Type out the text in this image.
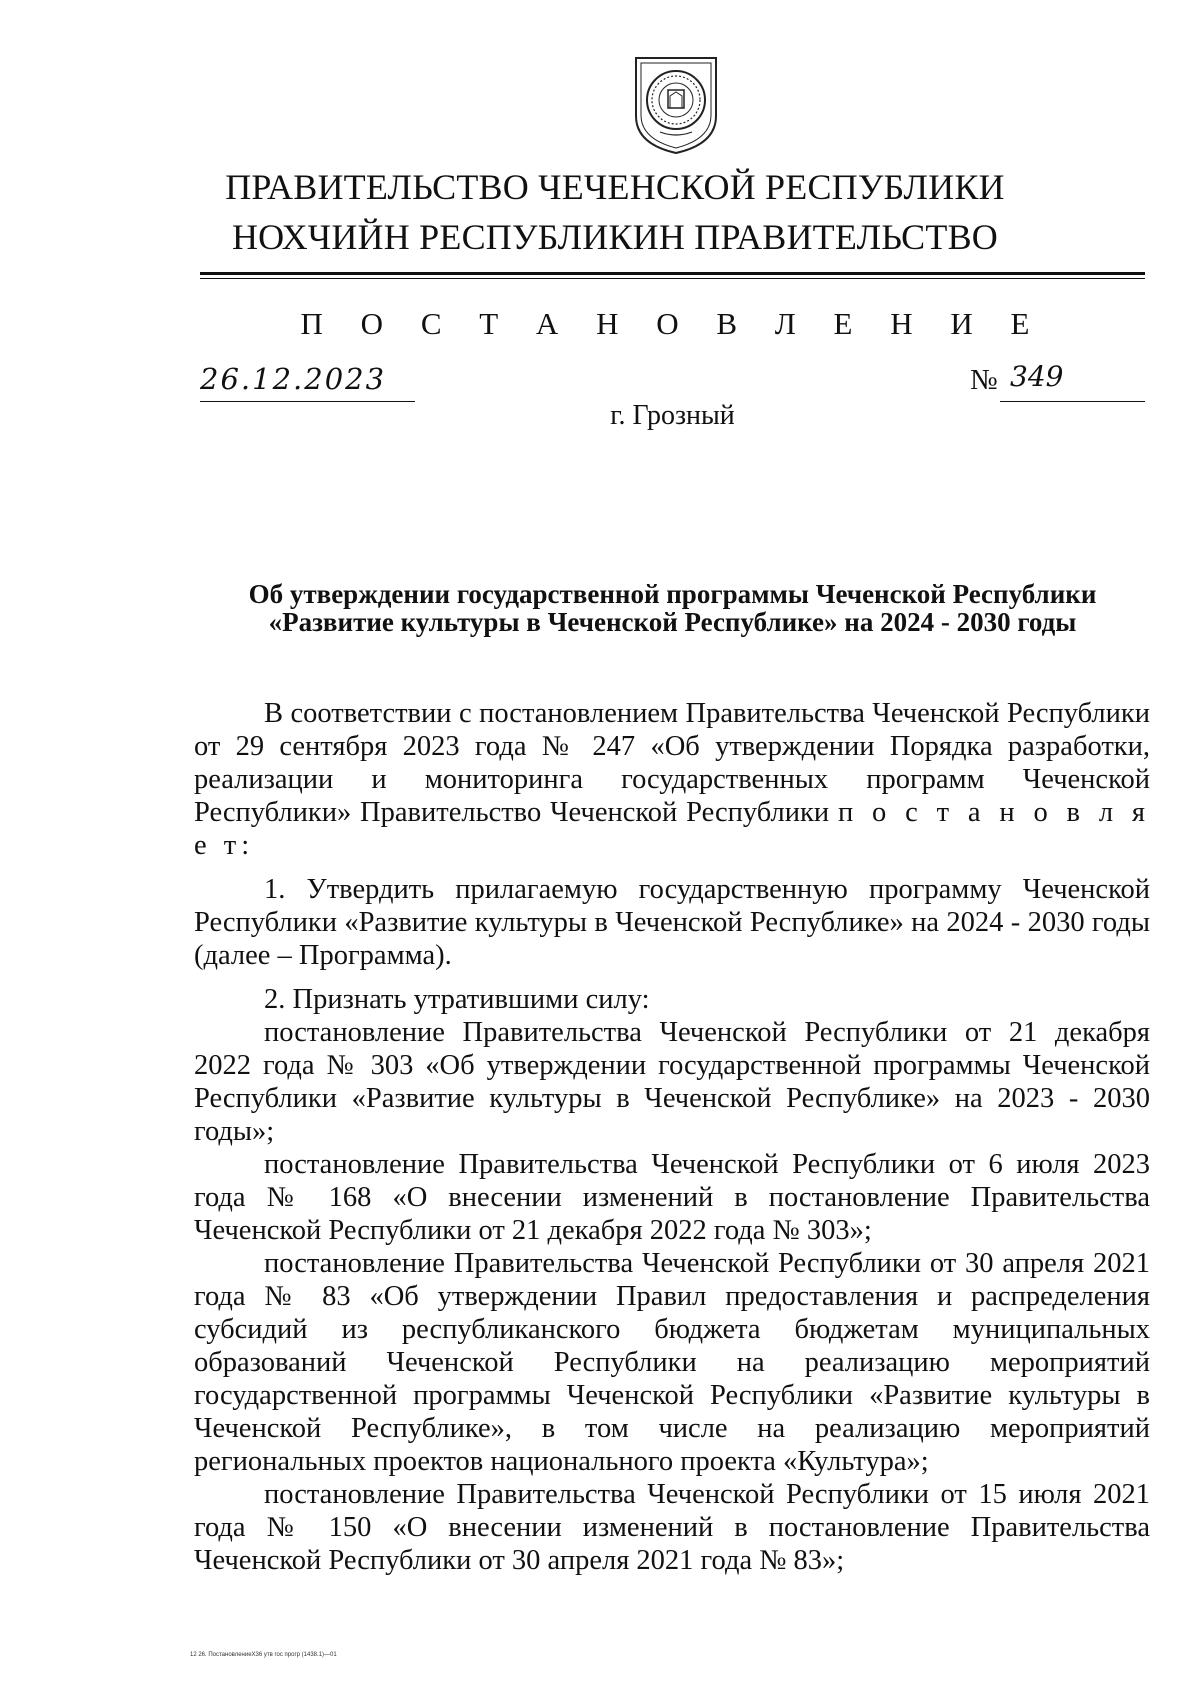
ПРАВИТЕЛЬСТВО ЧЕЧЕНСКОЙ РЕСПУБЛИКИ
НОХЧИЙН РЕСПУБЛИКИН ПРАВИТЕЛЬСТВО
П О С Т А Н О В Л Е Н И Е
26.12.2023	№ 349
г. Грозный
Об утверждении государственной программы Чеченской Республики
«Развитие культуры в Чеченской Республике» на 2024 - 2030 годы

В соответствии с постановлением Правительства Чеченской Республики от 29 сентября 2023 года № 247 «Об утверждении Порядка разработки, реализации и мониторинга государственных программ Чеченской Республики» Правительство Чеченской Республики п о с т а н о в л я е т:

1. Утвердить прилагаемую государственную программу Чеченской Республики «Развитие культуры в Чеченской Республике» на 2024 - 2030 годы (далее – Программа).

2. Признать утратившими силу:

постановление Правительства Чеченской Республики от 21 декабря 2022 года № 303 «Об утверждении государственной программы Чеченской Республики «Развитие культуры в Чеченской Республике» на 2023 - 2030 годы»;

постановление Правительства Чеченской Республики от 6 июля 2023 года № 168 «О внесении изменений в постановление Правительства Чеченской Республики от 21 декабря 2022 года № 303»;

постановление Правительства Чеченской Республики от 30 апреля 2021 года № 83 «Об утверждении Правил предоставления и распределения субсидий из республиканского бюджета бюджетам муниципальных образований Чеченской Республики на реализацию мероприятий государственной программы Чеченской Республики «Развитие культуры в Чеченской Республике», в том числе на реализацию мероприятий региональных проектов национального проекта «Культура»;

постановление Правительства Чеченской Республики от 15 июля 2021 года № 150 «О внесении изменений в постановление Правительства Чеченской Республики от 30 апреля 2021 года № 83»;

12 26. ПостановлениеХ36 утв гос прогр (1438.1)—01
